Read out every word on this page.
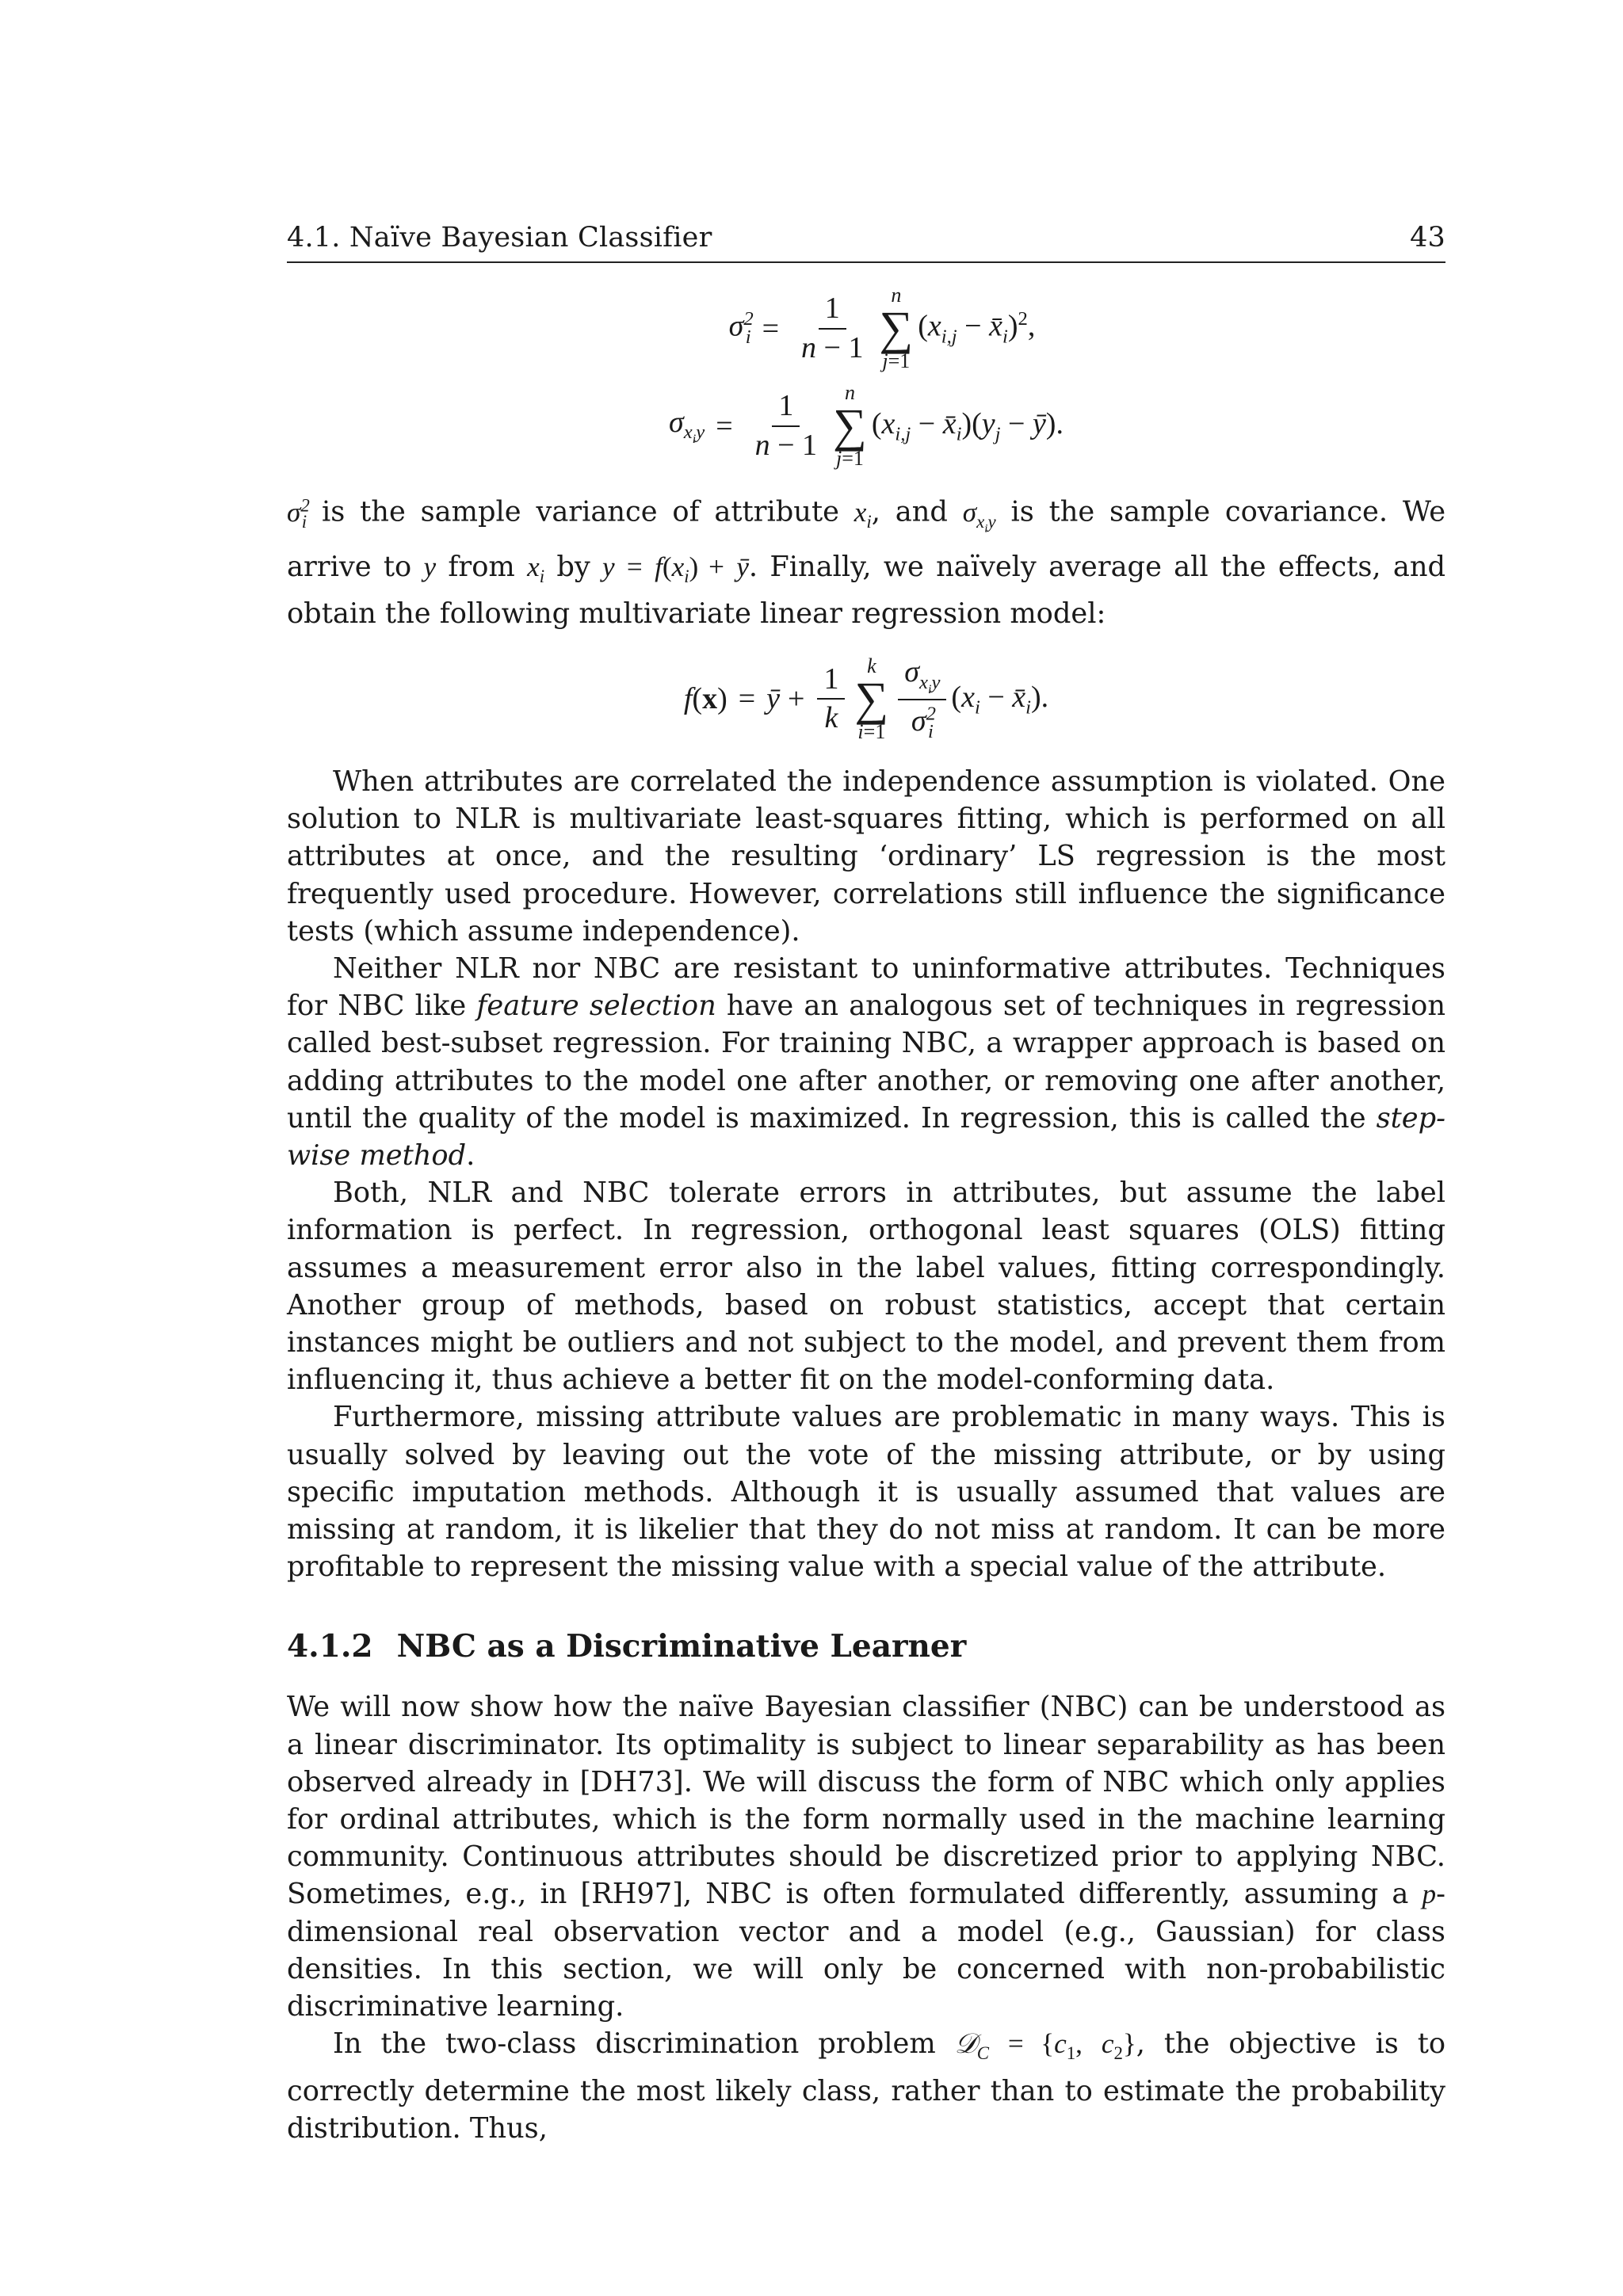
4.1. Naïve Bayesian Classifier	43
$\sigma^2_i = \frac{1}{n - 1}$ n
∑
j=1
($x_{i,j}$ − $x̄_i)^2$,
$\sigma_{x_iy} = \frac{1}{n - 1}$ n
∑
j=1
($x_{i,j}$ − $x̄_i)(y_j$ − ȳ).

$\sigma^2_i$ is the sample variance of attribute $x_i$, and $\sigma_{x_iy}$ is the sample covariance. We arrive to y from $x_i$ by $y = f(x_i)$ + ȳ. Finally, we naïvely average all the effects, and obtain the following multivariate linear regression model:

f(x) = ȳ + $\frac{1}{k}$ k
∑
$i=1 \frac{\sigma_{x_iy}}{\sigma^2_i} (x_i$ − $x̄_i$).

When attributes are correlated the independence assumption is violated. One solution to NLR is multivariate least-squares fitting, which is performed on all attributes at once, and the resulting ‘ordinary’ LS regression is the most frequently used procedure. However, correlations still influence the significance tests (which assume independence).

Neither NLR nor NBC are resistant to uninformative attributes. Techniques for NBC like feature selection have an analogous set of techniques in regression called best-subset regression. For training NBC, a wrapper approach is based on adding attributes to the model one after another, or removing one after another, until the quality of the model is maximized. In regression, this is called the step-wise method.

Both, NLR and NBC tolerate errors in attributes, but assume the label information is perfect. In regression, orthogonal least squares (OLS) fitting assumes a measurement error also in the label values, fitting correspondingly. Another group of methods, based on robust statistics, accept that certain instances might be outliers and not subject to the model, and prevent them from influencing it, thus achieve a better fit on the model-conforming data.

Furthermore, missing attribute values are problematic in many ways. This is usually solved by leaving out the vote of the missing attribute, or by using specific imputation methods. Although it is usually assumed that values are missing at random, it is likelier that they do not miss at random. It can be more profitable to represent the missing value with a special value of the attribute.

4.1.2 NBC as a Discriminative Learner

We will now show how the naïve Bayesian classifier (NBC) can be understood as a linear discriminator. Its optimality is subject to linear separability as has been observed already in [DH73]. We will discuss the form of NBC which only applies for ordinal attributes, which is the form normally used in the machine learning community. Continuous attributes should be discretized prior to applying NBC. Sometimes, e.g., in [RH97], NBC is often formulated differently, assuming a p-dimensional real observation vector and a model (e.g., Gaussian) for class densities. In this section, we will only be concerned with non-probabilistic discriminative learning.

In the two-class discrimination problem 𝒟$_C$ = {$c_1$, $c_2$}, the objective is to correctly determine the most likely class, rather than to estimate the probability distribution. Thus,
